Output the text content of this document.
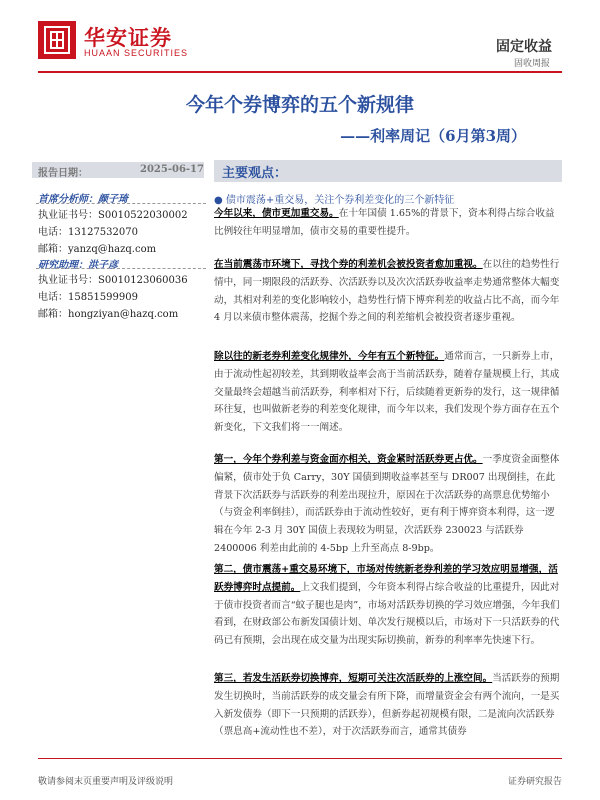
华安证券
HUAAN SECURITIES	固定收益
固收周报
今年个券博弈的五个新规律
——利率周记（6月第3周）
报告日期：	2025-06-17
首席分析师：颜子琦
执业证书号：S0010522030002
电话：13127532070
邮箱：yanzq@hazq.com
研究助理：洪子彦
执业证书号：S0010123060036
电话：15851599909
邮箱：hongziyan@hazq.com
主要观点：
● 债市震荡+重交易，关注个券利差变化的三个新特征
今年以来，债市更加重交易。在十年国债 1.65%的背景下，资本利得占综合收益比例较往年明显增加，债市交易的重要性提升。
在当前震荡市环境下，寻找个券的利差机会被投资者愈加重视。在以往的趋势性行情中，同一期限段的活跃券、次活跃券以及次次活跃券收益率走势通常整体大幅变动，其相对利差的变化影响较小，趋势性行情下博弈利差的收益占比不高，而今年 4 月以来债市整体震荡，挖掘个券之间的利差缩机会被投资者逐步重视。
除以往的新老券利差变化规律外，今年有五个新特征。通常而言，一只新券上市，由于流动性起初较差，其到期收益率会高于当前活跃券，随着存量规模上行，其成交量最终会超越当前活跃券，利率相对下行，后续随着更新券的发行，这一规律循环往复，也叫做新老券的利差变化规律，而今年以来，我们发现个券方面存在五个新变化，下文我们将一一阐述。
第一，今年个券利差与资金面亦相关，资金紧时活跃券更占优。一季度资金面整体偏紧，债市处于负 Carry，30Y 国债到期收益率甚至与 DR007 出现倒挂，在此背景下次活跃券与活跃券的利差出现拉升，原因在于次活跃券的高票息优势缩小（与资金利率倒挂），而活跃券由于流动性较好，更有利于博弈资本利得，这一逻辑在今年 2-3 月 30Y 国债上表现较为明显，次活跃券 230023 与活跃券 2400006 利差由此前的 4-5bp 上升至高点 8-9bp。
第二，债市震荡+重交易环境下，市场对传统新老券利差的学习效应明显增强，活跃券博弈时点提前。上文我们提到，今年资本利得占综合收益的比重提升，因此对于债市投资者而言“蚊子腿也是肉”，市场对活跃券切换的学习效应增强，今年我们看到，在财政部公布新发国债计划、单次发行规模以后，市场对下一只活跃券的代码已有预期，会出现在成交量为出现实际切换前，新券的利率率先快速下行。
第三，若发生活跃券切换博弈，短期可关注次活跃券的上涨空间。当活跃券的预期发生切换时，当前活跃券的成交量会有所下降，而增量资金会有两个流向，一是买入新发债券（即下一只预期的活跃券），但新券起初规模有限，二是流向次活跃券（票息高+流动性也不差），对于次活跃券而言，通常其债券
敬请参阅末页重要声明及评级说明	证券研究报告
